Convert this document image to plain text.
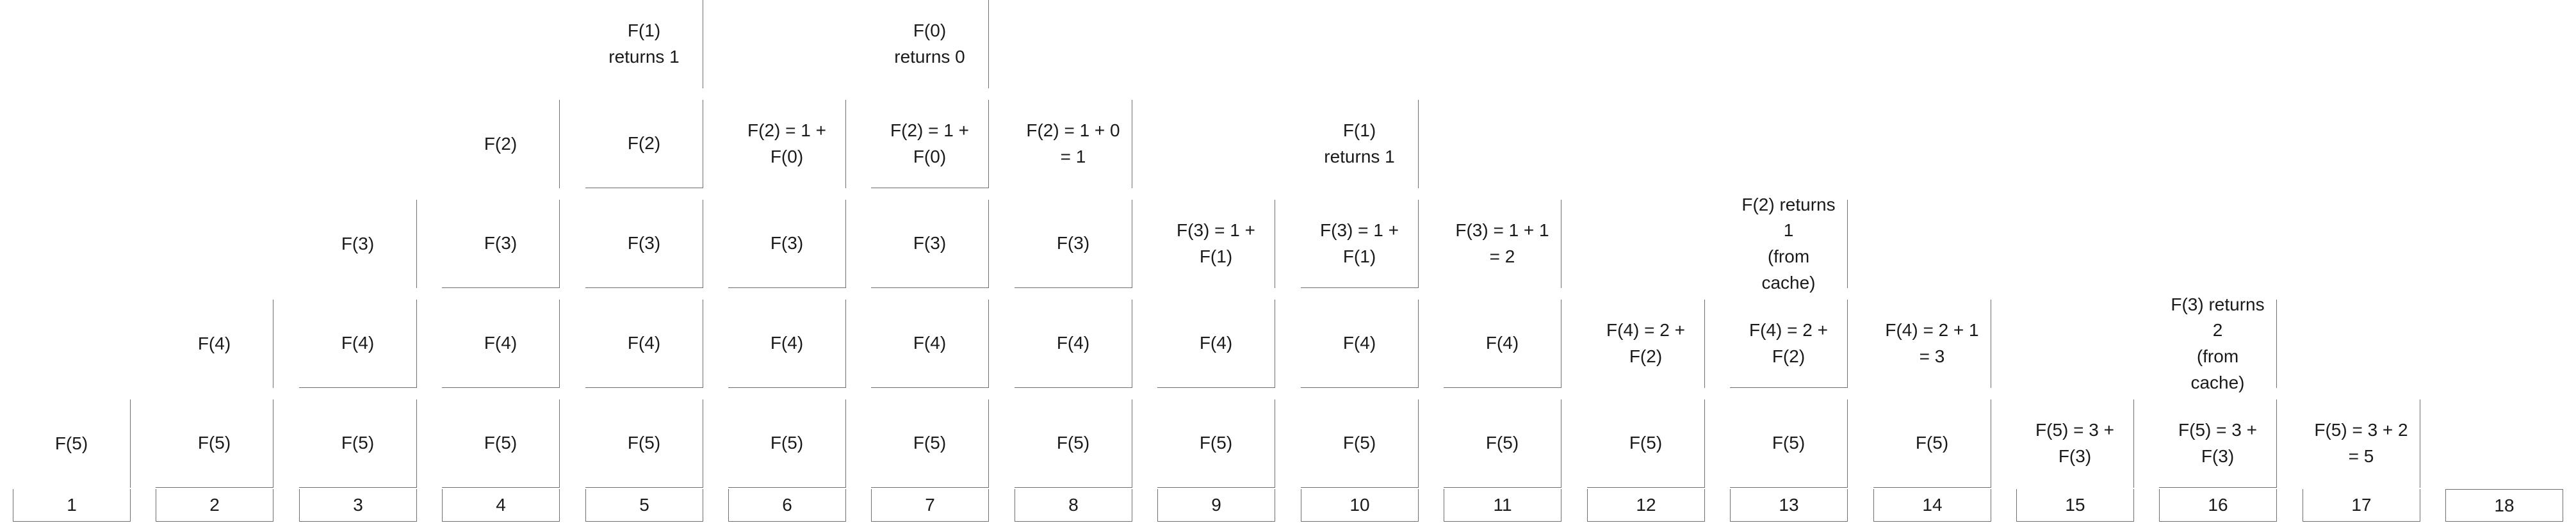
F(5)
1
F(5)
F(4)
2
F(5)
F(4)
F(3)
3
F(5)
F(4)
F(3)
F(2)
4
F(5)
F(4)
F(3)
F(2)
F(1)
returns 1
5
F(5)
F(4)
F(3)
F(2) = 1 +
F(0)
6
F(5)
F(4)
F(3)
F(2) = 1 +
F(0)
F(0)
returns 0
7
F(5)
F(4)
F(3)
F(2) = 1 + 0
= 1
8
F(5)
F(4)
F(3) = 1 +
F(1)
9
F(5)
F(4)
F(3) = 1 +
F(1)
F(1)
returns 1
10
F(5)
F(4)
F(3) = 1 + 1
= 2
11
F(5)
F(4) = 2 +
F(2)
12
F(5)
F(4) = 2 +
F(2)
F(2) returns
1
(from cache)
13
F(5)
F(4) = 2 + 1
= 3
14
F(5) = 3 +
F(3)
15
F(5) = 3 +
F(3)
F(3) returns
2
(from cache)
16
F(5) = 3 + 2
= 5
17	18
